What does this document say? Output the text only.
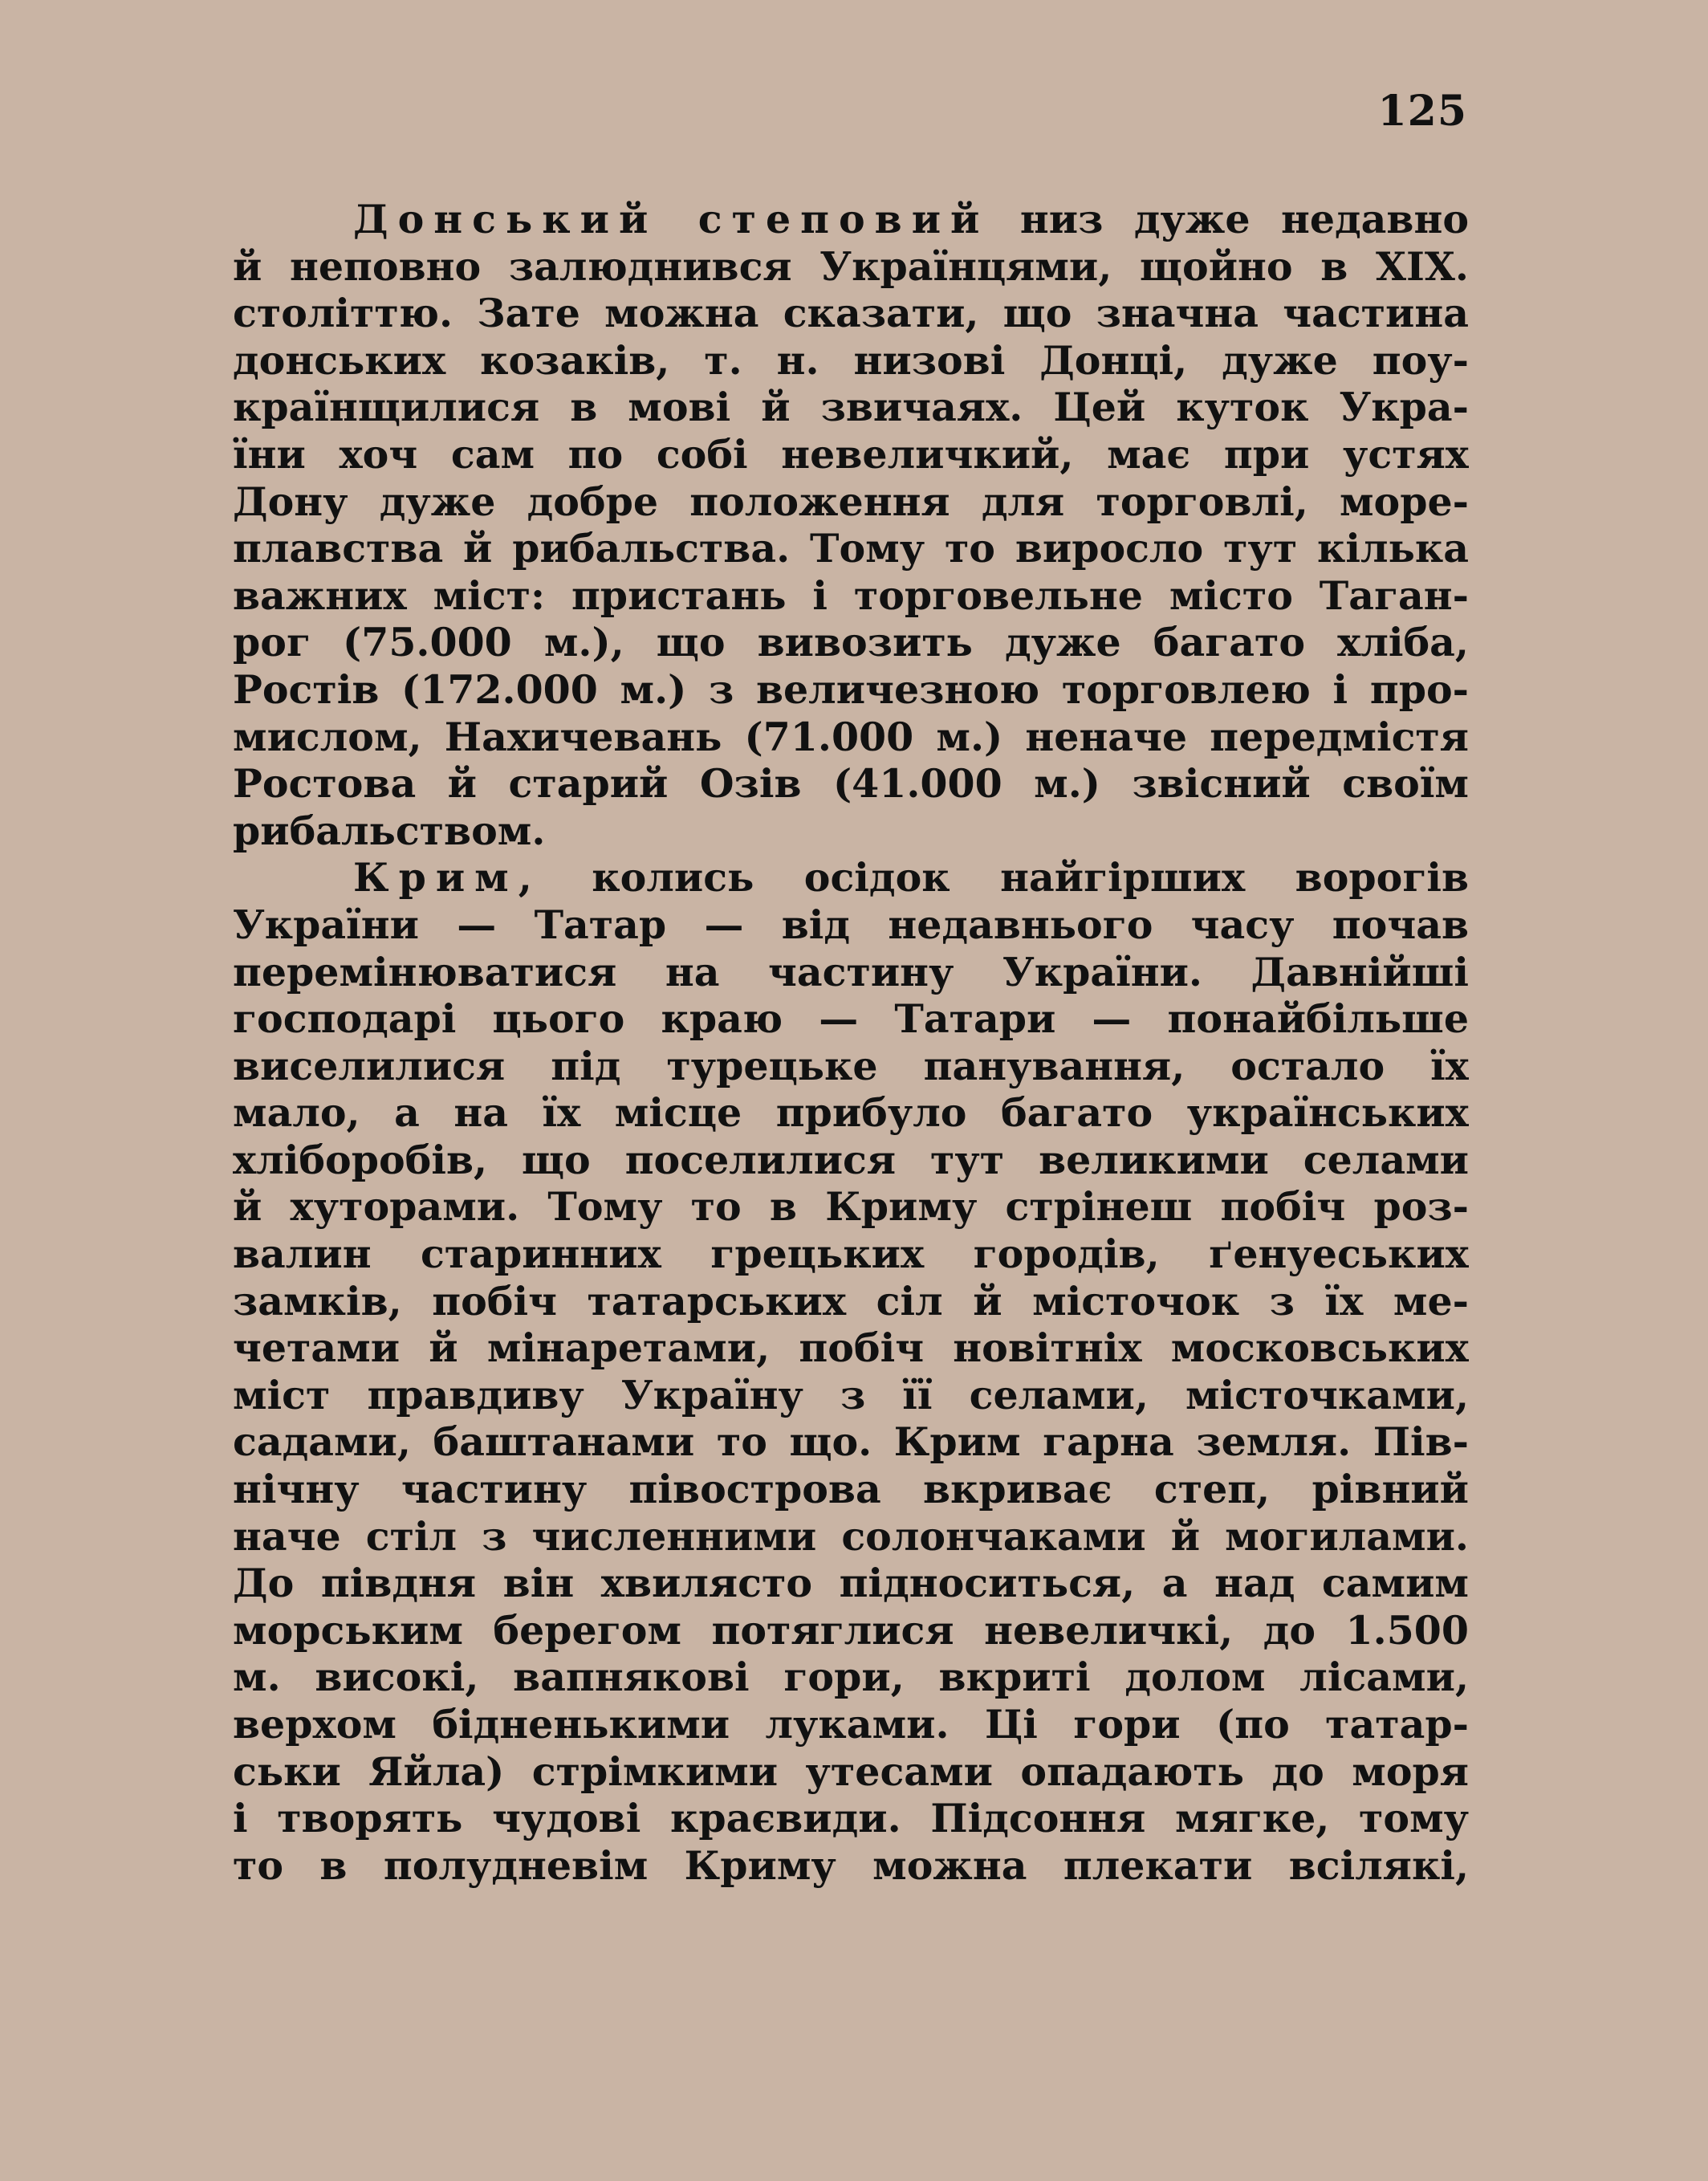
125
Донський степовий низ дуже недавно
й неповно залюднився Українцями, щойно в XIX.
століттю. Зате можна сказати, що значна частина
донських козаків, т. н. низові Донці, дуже поу-
країнщилися в мові й звичаях. Цей куток Укра-
їни хоч сам по собі невеличкий, має при устях
Дону дуже добре положення для торговлі, море-
плавства й рибальства. Тому то виросло тут кілька
важних міст: пристань і торговельне місто Таган-
рог (75.000 м.), що вивозить дуже багато хліба,
Ростів (172.000 м.) з величезною торговлею і про-
мислом, Нахичевань (71.000 м.) неначе передмістя
Ростова й старий Озів (41.000 м.) звісний своїм
рибальством.
Крим, колись осідок найгірших ворогів
України — Татар — від недавнього часу почав
перемінюватися на частину України. Давнійші
господарі цього краю — Татари — понайбільше
виселилися під турецьке панування, остало їх
мало, а на їх місце прибуло багато українських
хліборобів, що поселилися тут великими селами
й хуторами. Тому то в Криму стрінеш побіч роз-
валин старинних грецьких городів, ґенуеських
замків, побіч татарських сіл й місточок з їх ме-
четами й мінаретами, побіч новітніх московських
міст правдиву Україну з її селами, місточками,
садами, баштанами то що. Крим гарна земля. Пів-
нічну частину півострова вкриває степ, рівний
наче стіл з численними солончаками й могилами.
До півдня він хвилясто підноситься, а над самим
морським берегом потяглися невеличкі, до 1.500
м. високі, вапнякові гори, вкриті долом лісами,
верхом бідненькими луками. Ці гори (по татар-
ськи Яйла) стрімкими утесами опадають до моря
і творять чудові краєвиди. Підсоння мягке, тому
то в полудневім Криму можна плекати всілякі,
